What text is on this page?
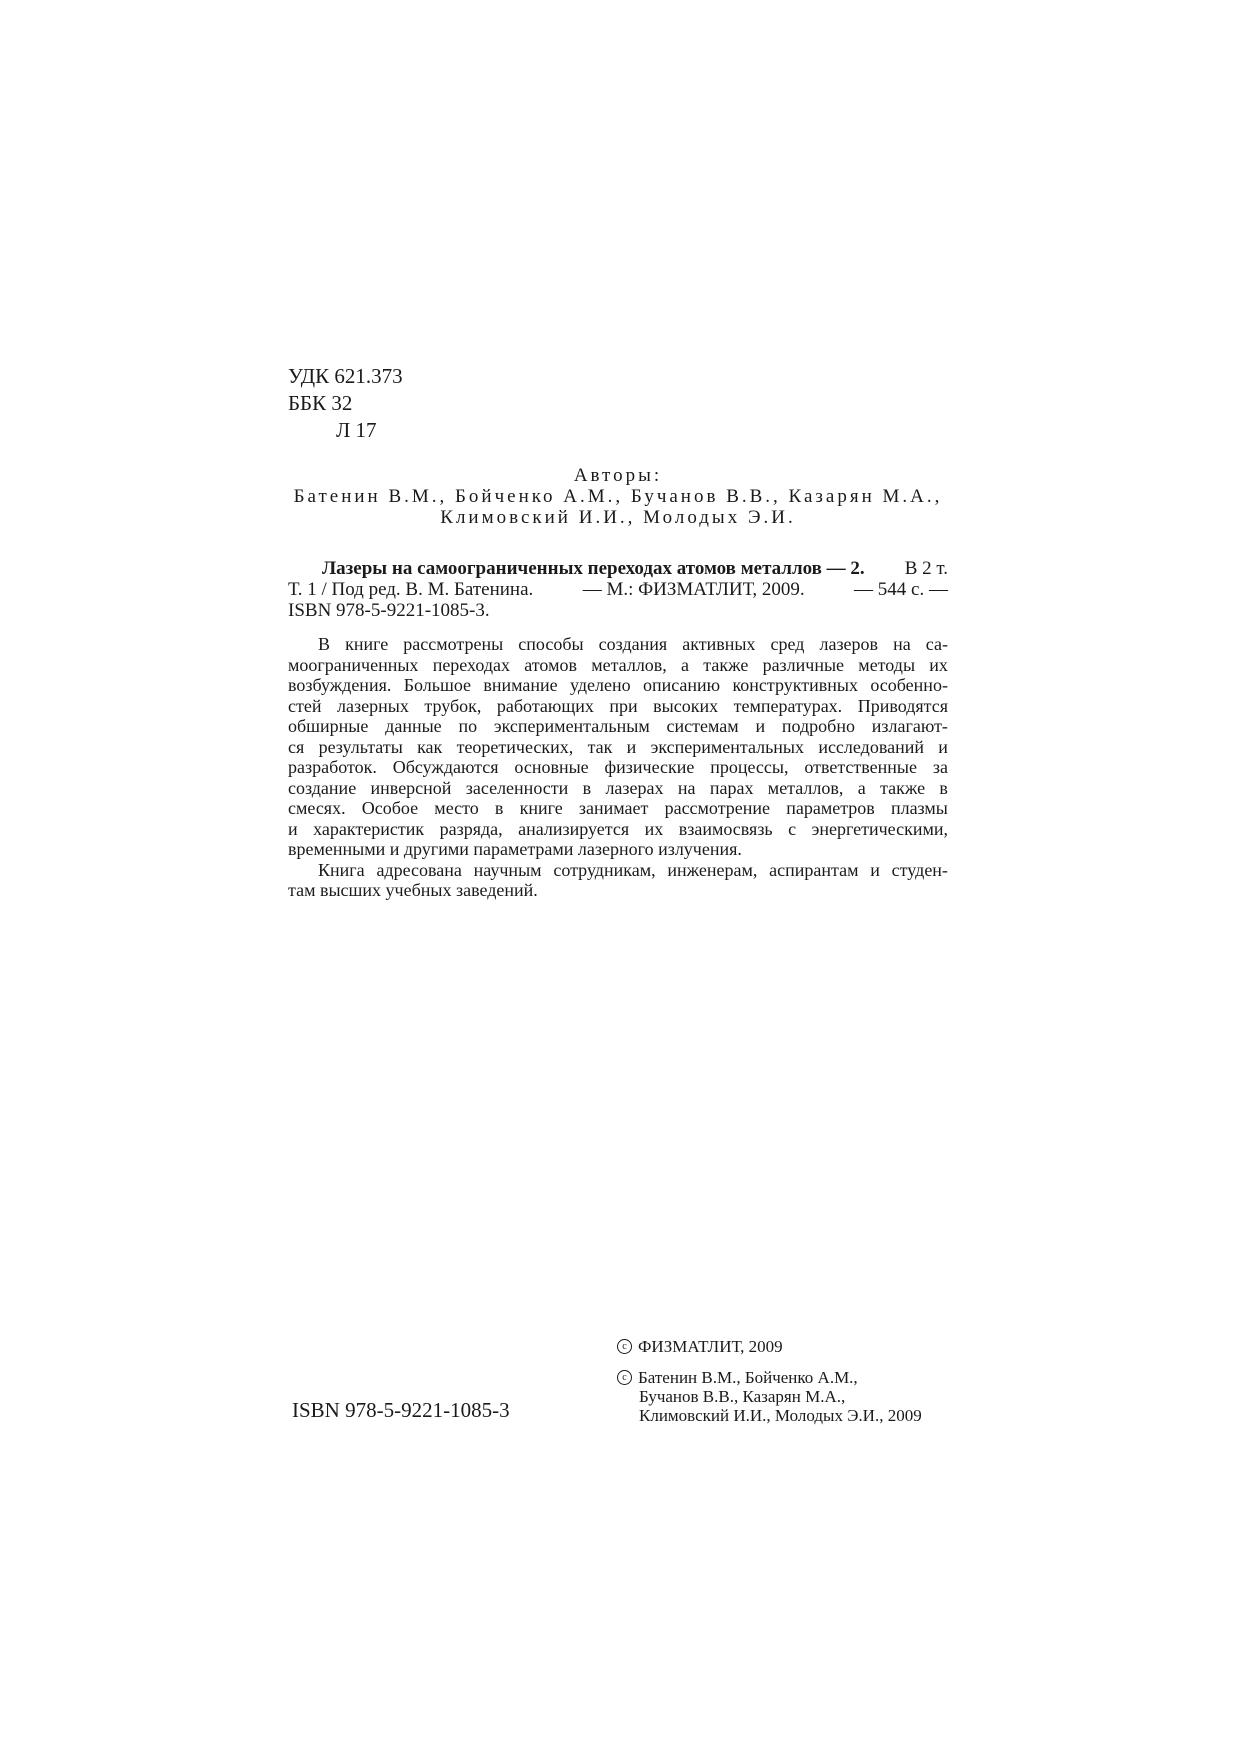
УДК 621.373
ББК 32
Л 17
Авторы:
Батенин В.М., Бойченко А.М., Бучанов В.В., Казарян М.А.,
Климовский И.И., Молодых Э.И.
Лазеры на самоограниченных переходах атомов металлов — 2. В 2 т.
Т. 1 / Под ред. В. М. Батенина.	— М.: ФИЗМАТЛИТ, 2009.	— 544 с. —
ISBN 978-5-9221-1085-3.
В книге рассмотрены способы создания активных сред лазеров на са-
моограниченных переходах атомов металлов, а также различные методы их
возбуждения. Большое внимание уделено описанию конструктивных особенно-
стей лазерных трубок, работающих при высоких температурах. Приводятся
обширные данные по экспериментальным системам и подробно излагают-
ся результаты как теоретических, так и экспериментальных исследований и
разработок. Обсуждаются основные физические процессы, ответственные за
создание инверсной заселенности в лазерах на парах металлов, а также в
смесях. Особое место в книге занимает рассмотрение параметров плазмы
и характеристик разряда, анализируется их взаимосвязь с энергетическими,
временными и другими параметрами лазерного излучения.
Книга адресована научным сотрудникам, инженерам, аспирантам и студен-
там высших учебных заведений.
c ФИЗМАТЛИТ, 2009
c Батенин В.М., Бойченко А.М.,
Бучанов В.В., Казарян М.А.,
Климовский И.И., Молодых Э.И., 2009
ISBN 978-5-9221-1085-3
